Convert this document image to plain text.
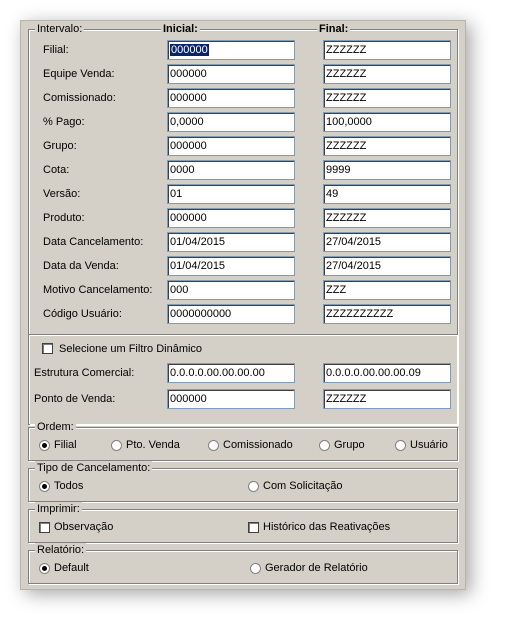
Intervalo:	Inicial:	Final:
Filial:	000000	ZZZZZZ
Equipe Venda:	000000	ZZZZZZ
Comissionado:	000000	ZZZZZZ
% Pago:	0,0000	100,0000
Grupo:	000000	ZZZZZZ
Cota:	0000	9999
Versão:	01	49
Produto:	000000	ZZZZZZ
Data Cancelamento: 01/04/2015	27/04/2015
Data da Venda:	01/04/2015	27/04/2015
Motivo Cancelamento: 000	ZZZ
Código Usuário:	0000000000	ZZZZZZZZZZ
Selecione um Filtro Dinâmico
Estrutura Comercial:	0.0.0.0.00.00.00.00	0.0.0.0.00.00.00.09
Ponto de Venda:	000000	ZZZZZZ
Ordem:
Filial	Pto. Venda	Comissionado	Grupo	Usuário
Tipo de Cancelamento:
Todos	Com Solicitação
Imprimir:
Observação	Histórico das Reativações
Relatório:
Default	Gerador de Relatório
